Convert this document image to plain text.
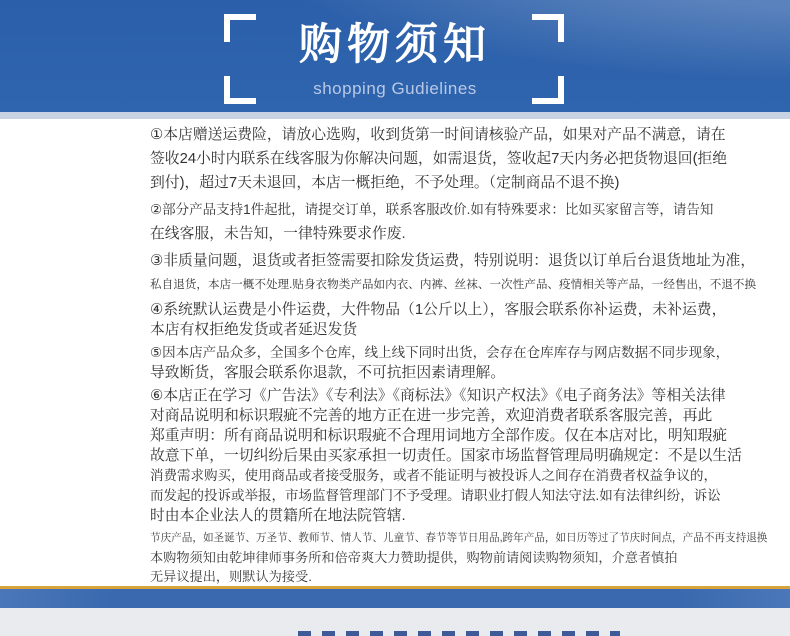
购物须知
shopping Gudielines
①本店赠送运费险，请放心选购，收到货第一时间请核验产品，如果对产品不满意，请在
签收24小时内联系在线客服为你解决问题，如需退货，签收起7天内务必把货物退回(拒绝
到付)，超过7天未退回，本店一概拒绝，不予处理。（定制商品不退不换)
②部分产品支持1件起批，请提交订单，联系客服改价.如有特殊要求：比如买家留言等，请告知
在线客服，未告知，一律特殊要求作废.
③非质量问题，退货或者拒签需要扣除发货运费，特别说明：退货以订单后台退货地址为准，
私自退货，本店一概不处理.贴身衣物类产品如内衣、内裤、丝袜、一次性产品、疫情相关等产品，一经售出，不退不换
④系统默认运费是小件运费，大件物品（1公斤以上），客服会联系你补运费，未补运费，
本店有权拒绝发货或者延迟发货
⑤因本店产品众多，全国多个仓库，线上线下同时出货，会存在仓库库存与网店数据不同步现象，
导致断货，客服会联系你退款，不可抗拒因素请理解。
⑥本店正在学习《广告法》《专利法》《商标法》《知识产权法》《电子商务法》等相关法律
对商品说明和标识瑕疵不完善的地方正在进一步完善，欢迎消费者联系客服完善，再此
郑重声明：所有商品说明和标识瑕疵不合理用词地方全部作废。仅在本店对比，明知瑕疵
故意下单，一切纠纷后果由买家承担一切责任。国家市场监督管理局明确规定：不是以生活
消费需求购买，使用商品或者接受服务，或者不能证明与被投诉人之间存在消费者权益争议的，
而发起的投诉或举报，市场监督管理部门不予受理。请职业打假人知法守法.如有法律纠纷，诉讼
时由本企业法人的贯籍所在地法院管辖.
节庆产品，如圣诞节、万圣节、教师节、情人节、儿童节、春节等节日用品,跨年产品，如日历等过了节庆时间点，产品不再支持退换
本购物须知由乾坤律师事务所和倍帝爽大力赞助提供，购物前请阅读购物须知，介意者慎拍
无异议提出，则默认为接受.
